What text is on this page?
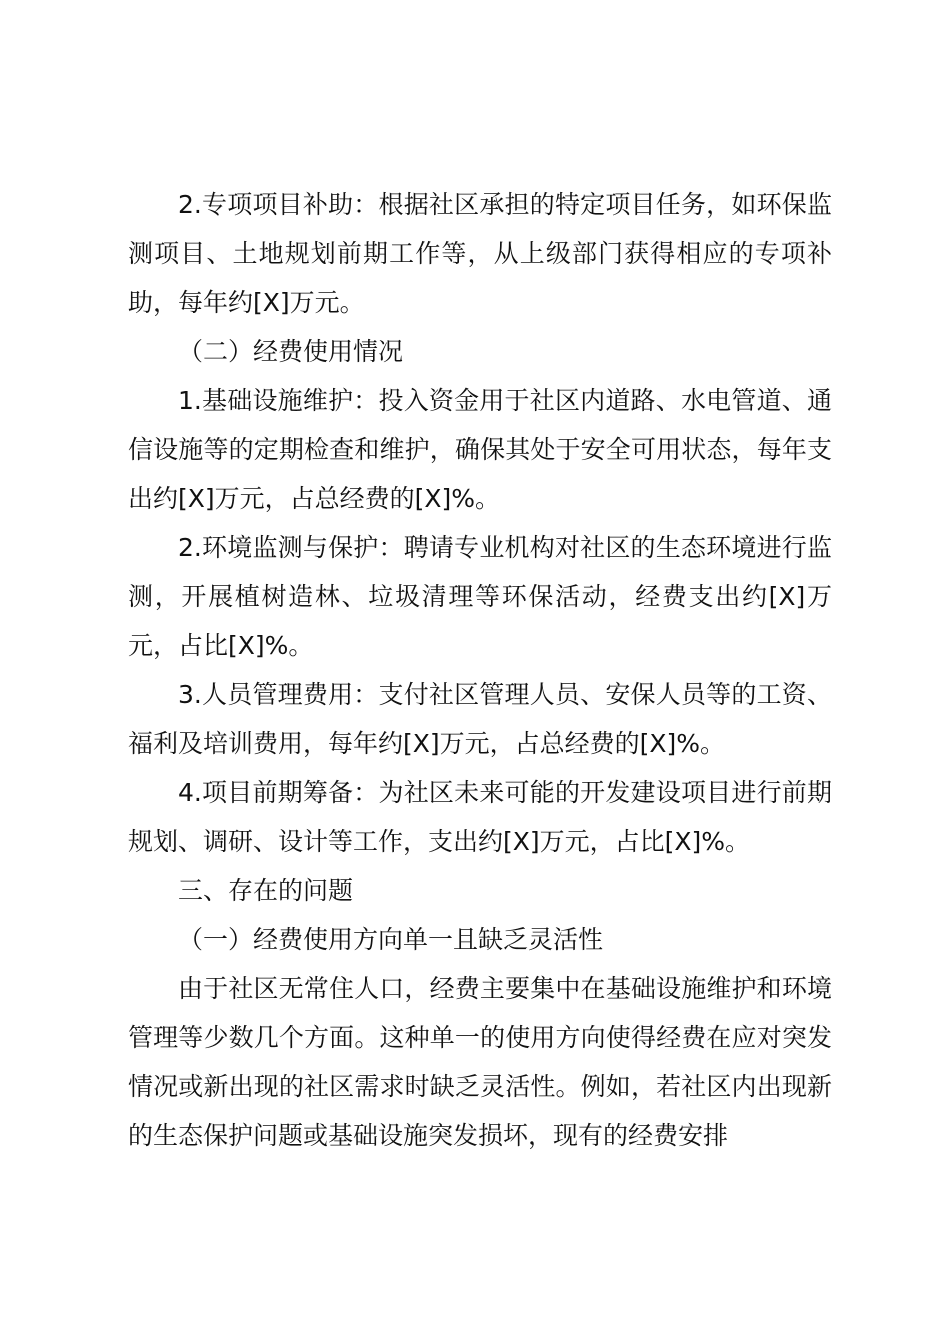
2.专项项目补助：根据社区承担的特定项目任务，如环保监测项目、土地规划前期工作等，从上级部门获得相应的专项补助，每年约[X]万元。

（二）经费使用情况

1.基础设施维护：投入资金用于社区内道路、水电管道、通信设施等的定期检查和维护，确保其处于安全可用状态，每年支出约[X]万元，占总经费的[X]%。

2.环境监测与保护：聘请专业机构对社区的生态环境进行监测，开展植树造林、垃圾清理等环保活动，经费支出约[X]万元，占比[X]%。

3.人员管理费用：支付社区管理人员、安保人员等的工资、福利及培训费用，每年约[X]万元，占总经费的[X]%。

4.项目前期筹备：为社区未来可能的开发建设项目进行前期规划、调研、设计等工作，支出约[X]万元，占比[X]%。

三、存在的问题

（一）经费使用方向单一且缺乏灵活性

由于社区无常住人口，经费主要集中在基础设施维护和环境管理等少数几个方面。这种单一的使用方向使得经费在应对突发情况或新出现的社区需求时缺乏灵活性。例如，若社区内出现新的生态保护问题或基础设施突发损坏，现有的经费安排
